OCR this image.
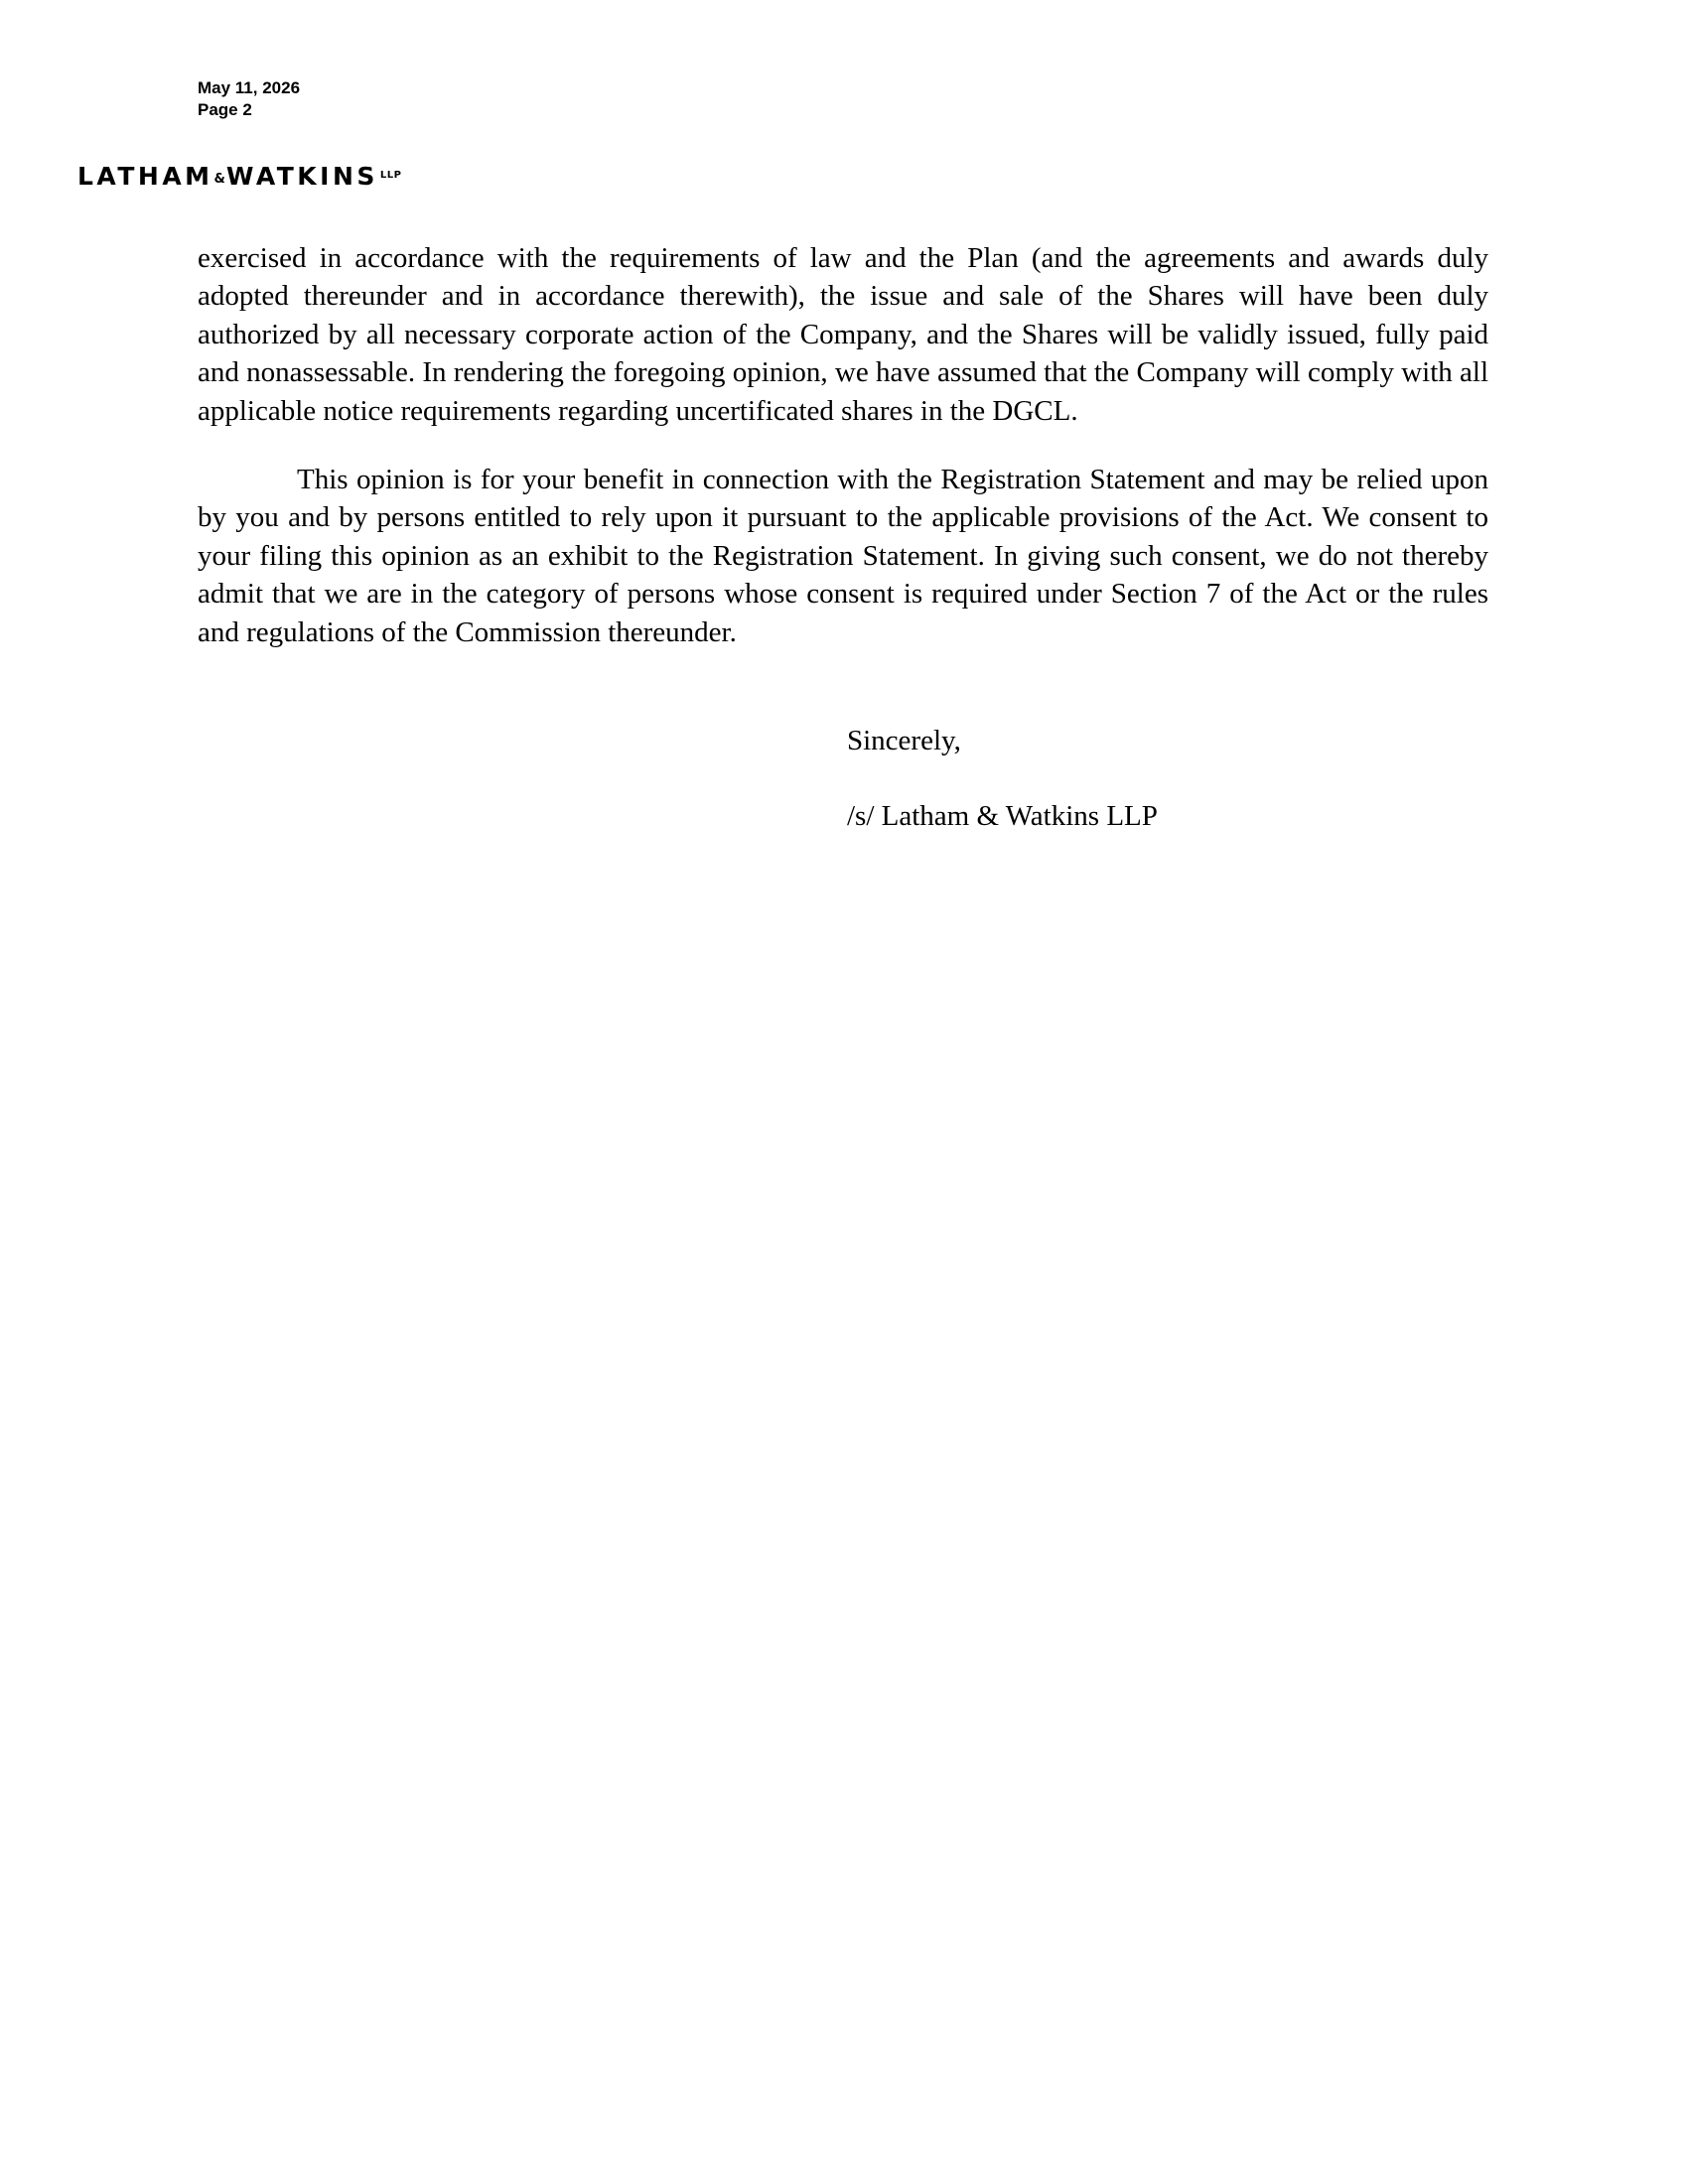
May 11, 2026
Page 2
LATHAM&WATKINS $^{LLP}$

exercised in accordance with the requirements of law and the Plan (and the agreements and awards duly adopted thereunder and in accordance therewith), the issue and sale of the Shares will have been duly authorized by all necessary corporate action of the Company, and the Shares will be validly issued, fully paid and nonassessable. In rendering the foregoing opinion, we have assumed that the Company will comply with all applicable notice requirements regarding uncertificated shares in the DGCL.

This opinion is for your benefit in connection with the Registration Statement and may be relied upon by you and by persons entitled to rely upon it pursuant to the applicable provisions of the Act. We consent to your filing this opinion as an exhibit to the Registration Statement. In giving such consent, we do not thereby admit that we are in the category of persons whose consent is required under Section 7 of the Act or the rules and regulations of the Commission thereunder.

Sincerely,
/s/ Latham & Watkins LLP
